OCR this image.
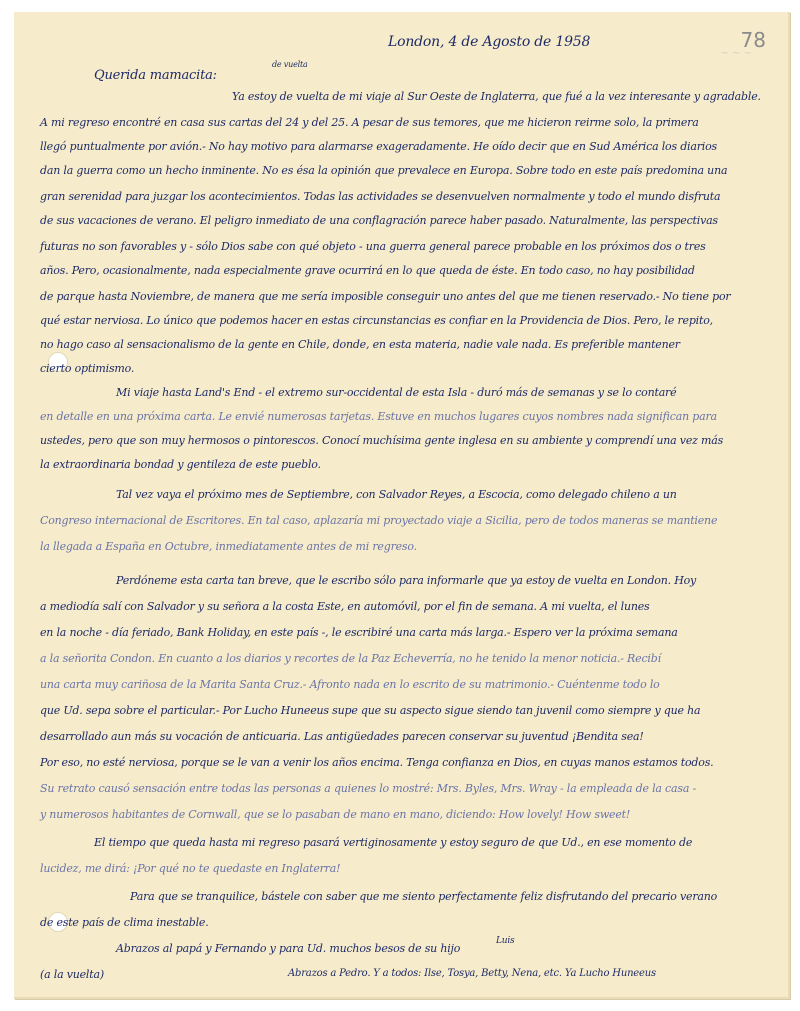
~ ~ ~
78
London, 4 de Agosto de 1958
Querida mamacita:
de vuelta
Ya estoy de vuelta de mi viaje al Sur Oeste de Inglaterra, que fué a la vez interesante y agradable.
A mi regreso encontré en casa sus cartas del 24 y del 25. A pesar de sus temores, que me hicieron reirme solo, la primera
llegó puntualmente por avión.- No hay motivo para alarmarse exageradamente. He oído decir que en Sud América los diarios
dan la guerra como un hecho inminente. No es ésa la opinión que prevalece en Europa. Sobre todo en este país predomina una
gran serenidad para juzgar los acontecimientos. Todas las actividades se desenvuelven normalmente y todo el mundo disfruta
de sus vacaciones de verano. El peligro inmediato de una conflagración parece haber pasado. Naturalmente, las perspectivas
futuras no son favorables y - sólo Dios sabe con qué objeto - una guerra general parece probable en los próximos dos o tres
años. Pero, ocasionalmente, nada especialmente grave ocurrirá en lo que queda de éste. En todo caso, no hay posibilidad
de parque hasta Noviembre, de manera que me sería imposible conseguir uno antes del que me tienen reservado.- No tiene por
qué estar nerviosa. Lo único que podemos hacer en estas circunstancias es confiar en la Providencia de Dios. Pero, le repito,
no hago caso al sensacionalismo de la gente en Chile, donde, en esta materia, nadie vale nada. Es preferible mantener
cierto optimismo.
Mi viaje hasta Land's End - el extremo sur-occidental de esta Isla - duró más de semanas y se lo contaré
en detalle en una próxima carta. Le envié numerosas tarjetas. Estuve en muchos lugares cuyos nombres nada significan para
ustedes, pero que son muy hermosos o pintorescos. Conocí muchísima gente inglesa en su ambiente y comprendí una vez más
la extraordinaria bondad y gentileza de este pueblo.
Tal vez vaya el próximo mes de Septiembre, con Salvador Reyes, a Escocia, como delegado chileno a un
Congreso internacional de Escritores. En tal caso, aplazaría mi proyectado viaje a Sicilia, pero de todos maneras se mantiene
la llegada a España en Octubre, inmediatamente antes de mi regreso.
Perdóneme esta carta tan breve, que le escribo sólo para informarle que ya estoy de vuelta en London. Hoy
a mediodía salí con Salvador y su señora a la costa Este, en automóvil, por el fin de semana. A mi vuelta, el lunes
en la noche - día feriado, Bank Holiday, en este país -, le escribiré una carta más larga.- Espero ver la próxima semana
a la señorita Condon. En cuanto a los diarios y recortes de la Paz Echeverría, no he tenido la menor noticia.- Recibí
una carta muy cariñosa de la Marita Santa Cruz.- Afronto nada en lo escrito de su matrimonio.- Cuéntenme todo lo
que Ud. sepa sobre el particular.- Por Lucho Huneeus supe que su aspecto sigue siendo tan juvenil como siempre y que ha
desarrollado aun más su vocación de anticuaria. Las antigüedades parecen conservar su juventud ¡Bendita sea!
Por eso, no esté nerviosa, porque se le van a venir los años encima. Tenga confianza en Dios, en cuyas manos estamos todos.
Su retrato causó sensación entre todas las personas a quienes lo mostré: Mrs. Byles, Mrs. Wray - la empleada de la casa -
y numerosos habitantes de Cornwall, que se lo pasaban de mano en mano, diciendo: How lovely! How sweet!
El tiempo que queda hasta mi regreso pasará vertiginosamente y estoy seguro de que Ud., en ese momento de
lucidez, me dirá: ¡Por qué no te quedaste en Inglaterra!
Para que se tranquilice, bástele con saber que me siento perfectamente feliz disfrutando del precario verano
de este país de clima inestable.
Abrazos al papá y Fernando y para Ud. muchos besos de su hijo
Luis
(a la vuelta)	Abrazos a Pedro. Y a todos: Ilse, Tosya, Betty, Nena, etc. Ya Lucho Huneeus
